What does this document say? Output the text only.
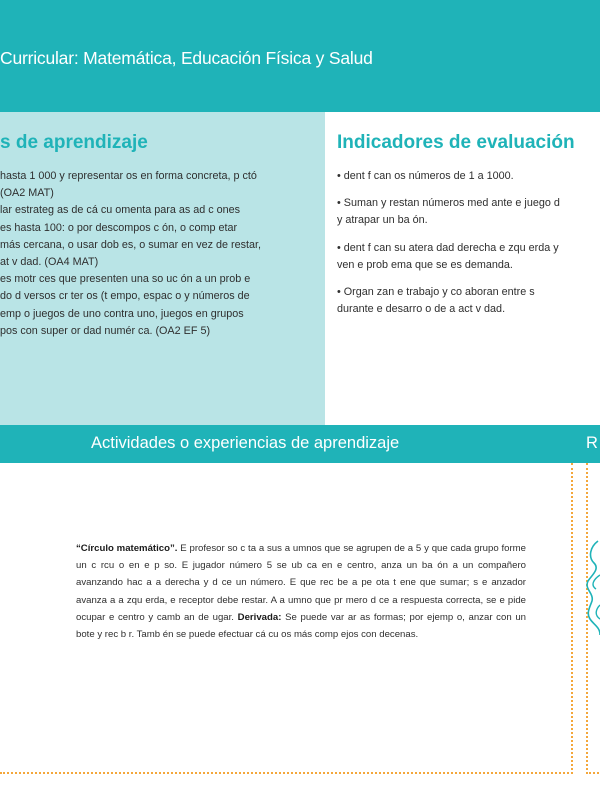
Curricular: Matemática, Educación Física y Salud
s de aprendizaje
hasta 1 000 y representar os en forma concreta, p ctó
(OA2 MAT)
lar estrateg as de cá cu omenta para as ad c ones
es hasta 100: o por descompos c ón, o comp etar
más cercana, o usar dob es, o sumar en vez de restar,
at v dad. (OA4 MAT)
es motr ces que presenten una so uc ón a un prob e
do d versos cr ter os (t empo, espac o y números de
emp o juegos de uno contra uno, juegos en grupos
pos con super or dad numér ca. (OA2 EF 5)
Indicadores de evaluación
• dent f can os números de 1 a 1000.
• Suman y restan números med ante e juego d
y atrapar un ba ón.
• dent f can su atera dad derecha e zqu erda y
ven e prob ema que se es demanda.
• Organ zan e trabajo y co aboran entre s
durante e desarro o de a act v dad.
Actividades o experiencias de aprendizaje	R

“Círculo matemático”. E profesor so c ta a sus a umnos que se agrupen de a 5 y que cada grupo forme un c rcu o en e p so. E jugador número 5 se ub ca en e centro, anza un ba ón a un compañero avanzando hac a a derecha y d ce un número. E que rec be a pe ota t ene que sumar; s e anzador avanza a a zqu erda, e receptor debe restar. A a umno que pr mero d ce a respuesta correcta, se e pide ocupar e centro y camb an de ugar. Derivada: Se puede var ar as formas; por ejemp o, anzar con un bote y rec b r. Tamb én se puede efectuar cá cu os más comp ejos con decenas.
